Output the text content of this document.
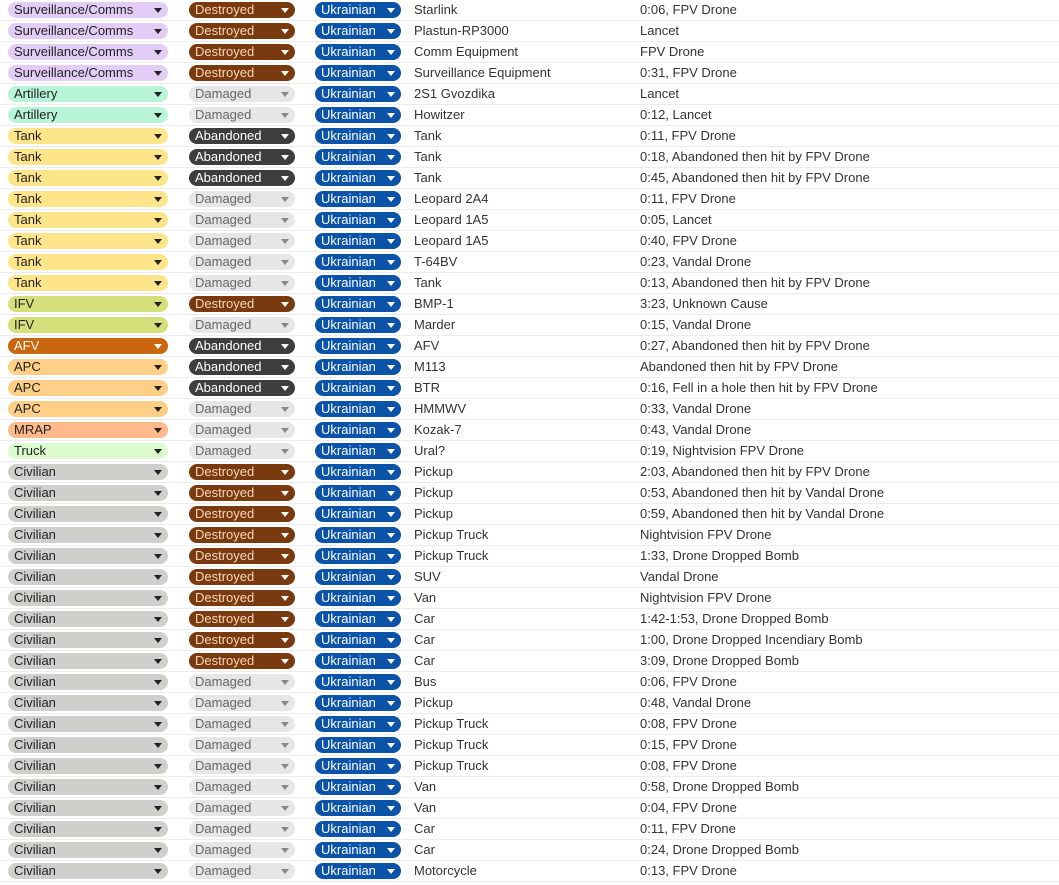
Surveillance/Comms	Destroyed	Ukrainian	Starlink	0:06, FPV Drone
Surveillance/Comms	Destroyed	Ukrainian	Plastun-RP3000	Lancet
Surveillance/Comms	Destroyed	Ukrainian	Comm Equipment	FPV Drone
Surveillance/Comms	Destroyed	Ukrainian	Surveillance Equipment	0:31, FPV Drone
Artillery	Damaged	Ukrainian	2S1 Gvozdika	Lancet
Artillery	Damaged	Ukrainian	Howitzer	0:12, Lancet
Tank	Abandoned	Ukrainian	Tank	0:11, FPV Drone
Tank	Abandoned	Ukrainian	Tank	0:18, Abandoned then hit by FPV Drone
Tank	Abandoned	Ukrainian	Tank	0:45, Abandoned then hit by FPV Drone
Tank	Damaged	Ukrainian	Leopard 2A4	0:11, FPV Drone
Tank	Damaged	Ukrainian	Leopard 1A5	0:05, Lancet
Tank	Damaged	Ukrainian	Leopard 1A5	0:40, FPV Drone
Tank	Damaged	Ukrainian	T-64BV	0:23, Vandal Drone
Tank	Damaged	Ukrainian	Tank	0:13, Abandoned then hit by FPV Drone
IFV	Destroyed	Ukrainian	BMP-1	3:23, Unknown Cause
IFV	Damaged	Ukrainian	Marder	0:15, Vandal Drone
AFV	Abandoned	Ukrainian	AFV	0:27, Abandoned then hit by FPV Drone
APC	Abandoned	Ukrainian	M113	Abandoned then hit by FPV Drone
APC	Abandoned	Ukrainian	BTR	0:16, Fell in a hole then hit by FPV Drone
APC	Damaged	Ukrainian	HMMWV	0:33, Vandal Drone
MRAP	Damaged	Ukrainian	Kozak-7	0:43, Vandal Drone
Truck	Damaged	Ukrainian	Ural?	0:19, Nightvision FPV Drone
Civilian	Destroyed	Ukrainian	Pickup	2:03, Abandoned then hit by FPV Drone
Civilian	Destroyed	Ukrainian	Pickup	0:53, Abandoned then hit by Vandal Drone
Civilian	Destroyed	Ukrainian	Pickup	0:59, Abandoned then hit by Vandal Drone
Civilian	Destroyed	Ukrainian	Pickup Truck	Nightvision FPV Drone
Civilian	Destroyed	Ukrainian	Pickup Truck	1:33, Drone Dropped Bomb
Civilian	Destroyed	Ukrainian	SUV	Vandal Drone
Civilian	Destroyed	Ukrainian	Van	Nightvision FPV Drone
Civilian	Destroyed	Ukrainian	Car	1:42-1:53, Drone Dropped Bomb
Civilian	Destroyed	Ukrainian	Car	1:00, Drone Dropped Incendiary Bomb
Civilian	Destroyed	Ukrainian	Car	3:09, Drone Dropped Bomb
Civilian	Damaged	Ukrainian	Bus	0:06, FPV Drone
Civilian	Damaged	Ukrainian	Pickup	0:48, Vandal Drone
Civilian	Damaged	Ukrainian	Pickup Truck	0:08, FPV Drone
Civilian	Damaged	Ukrainian	Pickup Truck	0:15, FPV Drone
Civilian	Damaged	Ukrainian	Pickup Truck	0:08, FPV Drone
Civilian	Damaged	Ukrainian	Van	0:58, Drone Dropped Bomb
Civilian	Damaged	Ukrainian	Van	0:04, FPV Drone
Civilian	Damaged	Ukrainian	Car	0:11, FPV Drone
Civilian	Damaged	Ukrainian	Car	0:24, Drone Dropped Bomb
Civilian	Damaged	Ukrainian	Motorcycle	0:13, FPV Drone
